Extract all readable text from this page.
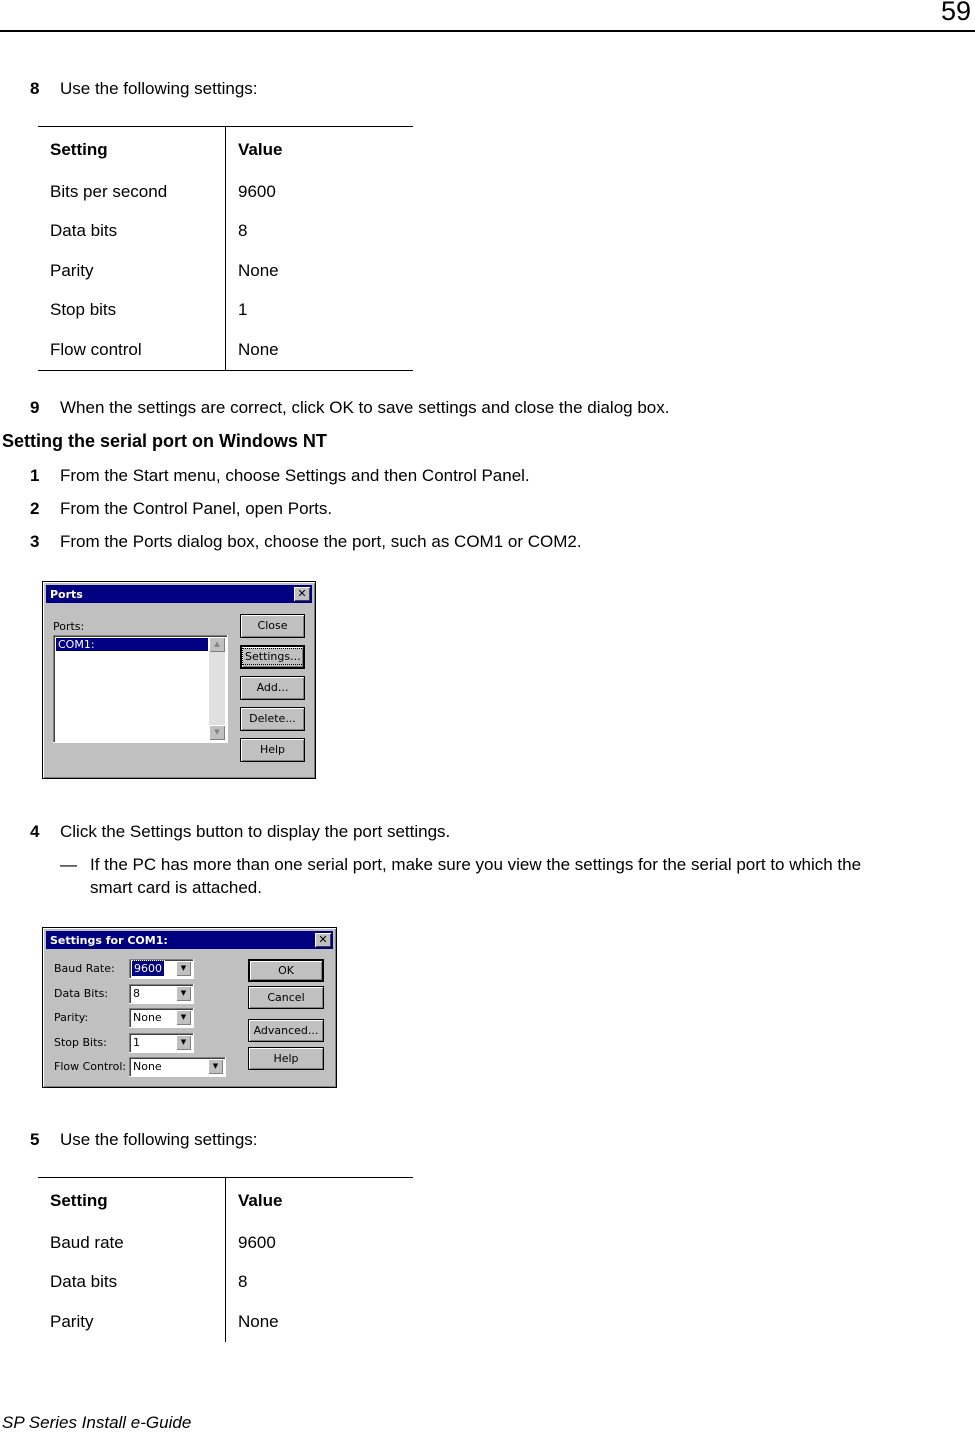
59
8 Use the following settings:
Setting	Value
Bits per second	9600
Data bits	8
Parity	None
Stop bits	1
Flow control	None
9 When the settings are correct, click OK to save settings and close the dialog box.
Setting the serial port on Windows NT
1 From the Start menu, choose Settings and then Control Panel.
2 From the Control Panel, open Ports.
3 From the Ports dialog box, choose the port, such as COM1 or COM2.
Ports	✕
Ports:
COM1:	▲
▼
Close
Settings...
Add...
Delete...
Help
4 Click the Settings button to display the port settings.
— If the PC has more than one serial port, make sure you view the settings for the serial port to which the
smart card is attached.
Settings for COM1:	✕
Baud Rate: 9600	▼
Data Bits: 8	▼
Parity:	None	▼
Stop Bits: 1	▼
Flow Control: None	▼
OK
Cancel
Advanced...
Help
5 Use the following settings:
Setting	Value
Baud rate	9600
Data bits	8
Parity	None
SP Series Install e-Guide
